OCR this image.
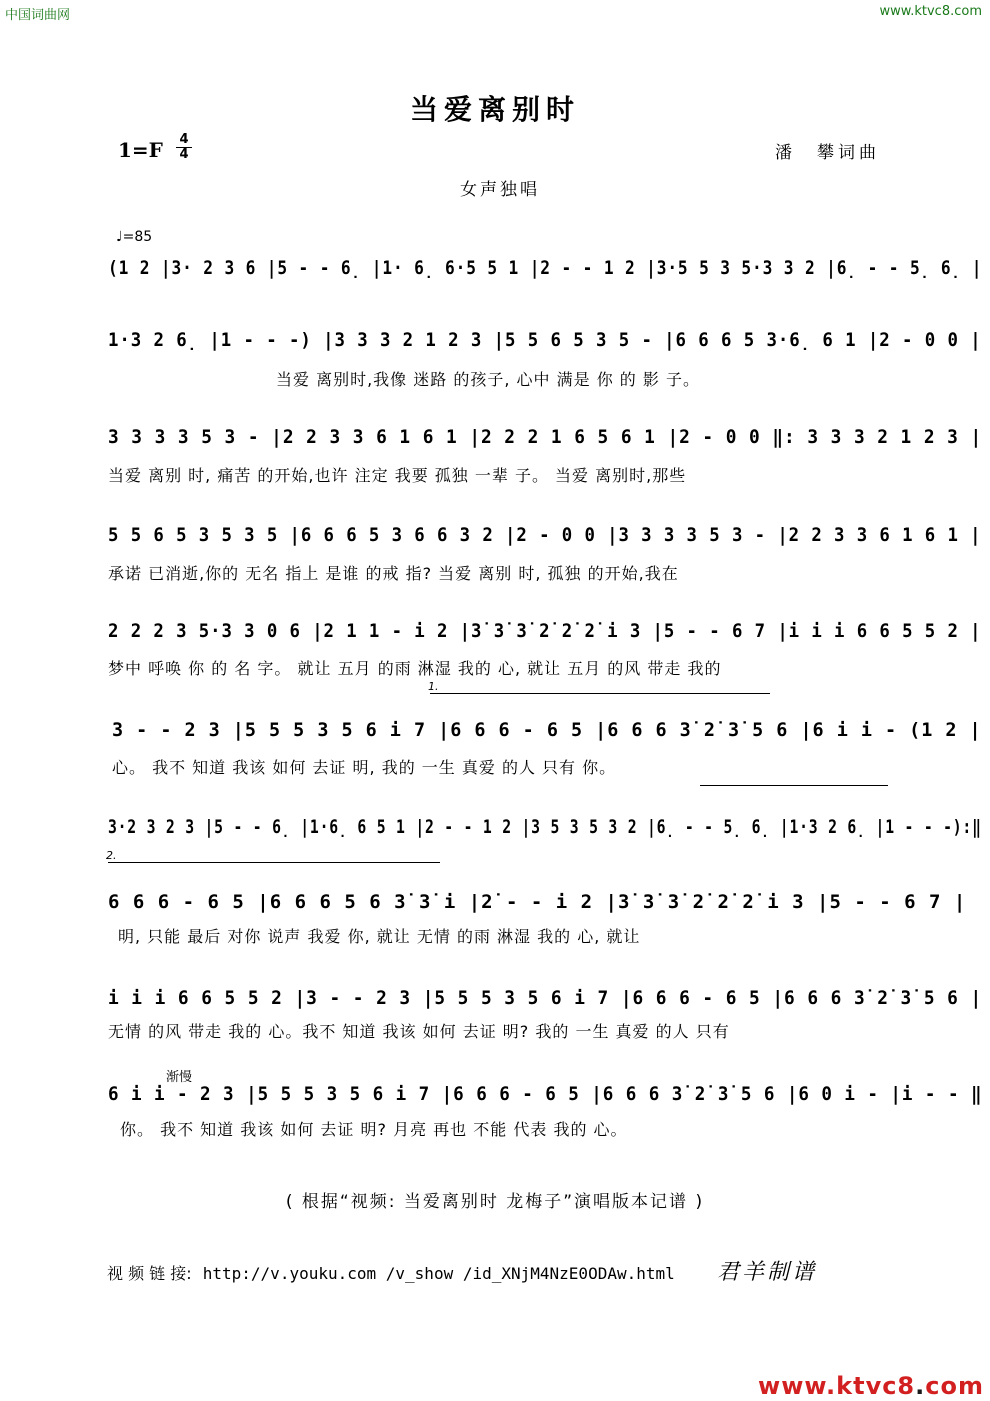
中国词曲网	www.ktvc8.com
当爱离别时
1=F 4
4	潘　攀词曲
女声独唱
♩=85
(1 2 |3· 2 3 6 |5 - - 6̣ |1· 6̣ 6·5 5 1 |2 - - 1 2 |3·5 5 3 5·3 3 2 |6̣ - - 5̣ 6̣ |
1·3 2 6̣ |1 - - -) |3 3 3 2 1 2 3 |5 5 6 5 3 5 - |6 6 6 5 3·6̣ 6 1 |2 - 0 0 |
当爱 离别时,我像 迷路 的孩子, 心中 满是 你 的 影 子。
3 3 3 3 5 3 - |2 2 3 3 6 1 6 1 |2 2 2 1 6 5 6 1 |2 - 0 0 ‖: 3 3 3 2 1 2 3 |
当爱 离别 时, 痛苦 的开始,也许 注定 我要 孤独 一辈 子。 当爱 离别时,那些
5 5 6 5 3 5 3 5 |6 6 6 5 3 6 6 3 2 |2 - 0 0 |3 3 3 3 5 3 - |2 2 3 3 6 1 6 1 |
承诺 已消逝,你的 无名 指上 是谁 的戒 指? 当爱 离别 时, 孤独 的开始,我在
2 2 2 3 5·3 3 0 6 |2 1 1 - i 2 |3̇ 3̇ 3̇ 2̇ 2̇ 2̇ i 3 |5 - - 6 7 |i i i 6 6 5 5 2 |
梦中 呼唤 你 的 名 字。 就让 五月 的雨 淋湿 我的 心, 就让 五月 的风 带走 我的
1.
3 - - 2 3 |5 5 5 3 5 6 i 7 |6 6 6 - 6 5 |6 6 6 3̇ 2̇ 3̇ 5 6 |6 i i - (1 2 |
心。 我不 知道 我该 如何 去证 明, 我的 一生 真爱 的人 只有 你。
3·2 3 2 3 |5 - - 6̣ |1·6̣ 6 5 1 |2 - - 1 2 |3 5 3 5 3 2 |6̣ - - 5̣ 6̣ |1·3 2 6̣ |1 - - -):‖
2.
6 6 6 - 6 5 |6 6 6 5 6 3̇ 3̇ i |2̇ - - i 2 |3̇ 3̇ 3̇ 2̇ 2̇ 2̇ i 3 |5 - - 6 7 |
明, 只能 最后 对你 说声 我爱 你, 就让 无情 的雨 淋湿 我的 心, 就让
i i i 6 6 5 5 2 |3 - - 2 3 |5 5 5 3 5 6 i 7 |6 6 6 - 6 5 |6 6 6 3̇ 2̇ 3̇ 5 6 |
无情 的风 带走 我的 心。我不 知道 我该 如何 去证 明? 我的 一生 真爱 的人 只有
渐慢
6 i i - 2 3 |5 5 5 3 5 6 i 7 |6 6 6 - 6 5 |6 6 6 3̇ 2̇ 3̇ 5 6 |6 0 i - |i - - ‖
你。 我不 知道 我该 如何 去证 明? 月亮 再也 不能 代表 我的 心。
( 根据“视频: 当爱离别时 龙梅子”演唱版本记谱 )
视 频 链 接: http://v.youku.com /v_show /id_XNjM4NzE0ODAw.html 君羊制谱
www.ktvc8.com
